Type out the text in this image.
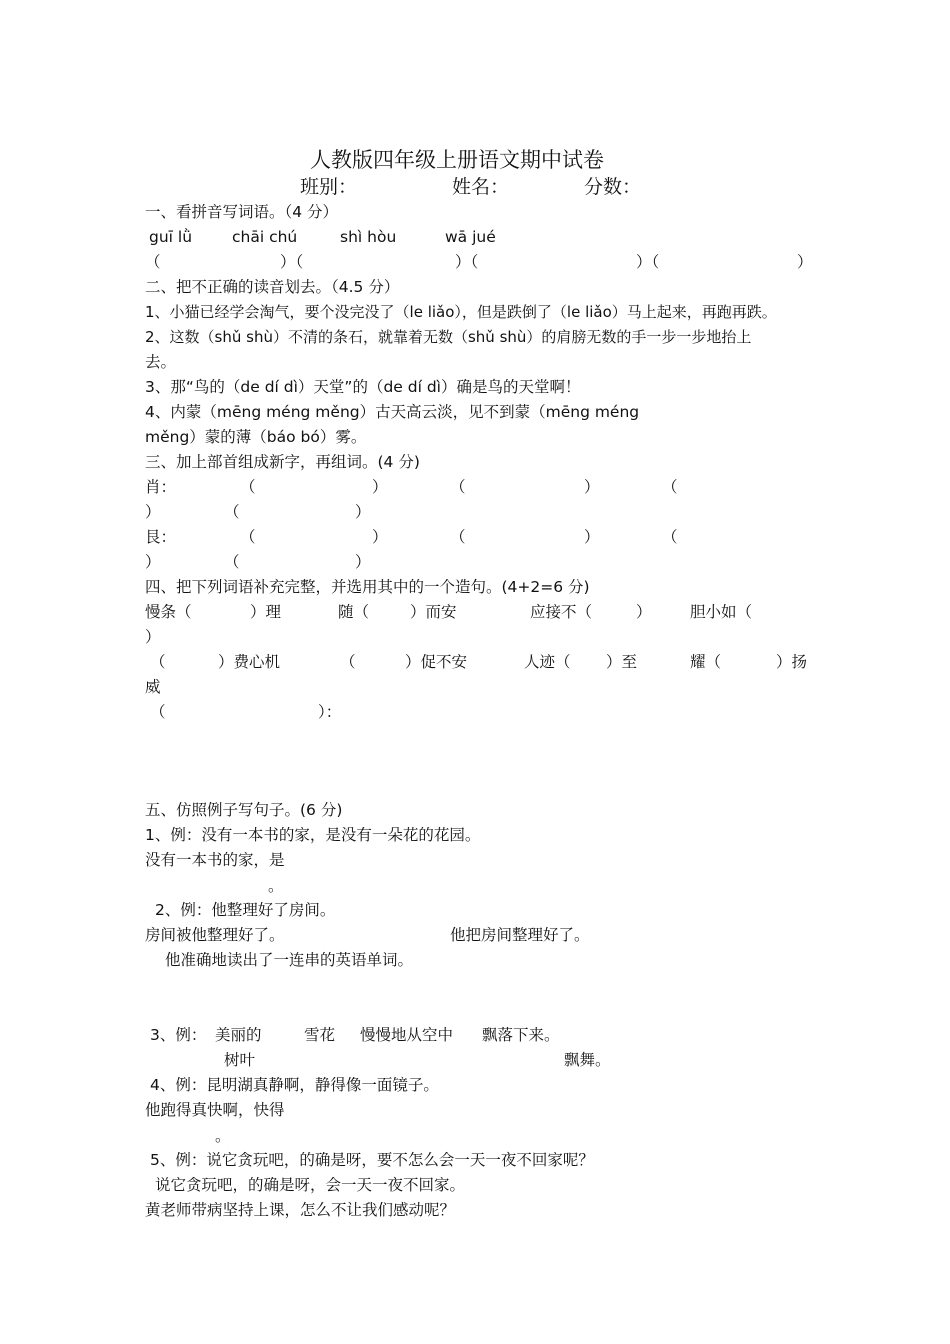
人教版四年级上册语文期中试卷
班别：	姓名：	分数：
一、看拼音写词语。（4 分）
guī lǜ	chāi chú	shì hòu	wā jué
（	）（	）（	）（	）
二、把不正确的读音划去。（4.5 分）
1、小猫已经学会淘气，要个没完没了（le liǎo），但是跌倒了（le liǎo）马上起来，再跑再跌。
2、这数（shǔ shù）不清的条石，就靠着无数（shǔ shù）的肩膀无数的手一步一步地抬上
去。
3、那“鸟的（de dí dì）天堂”的（de dí dì）确是鸟的天堂啊！
4、内蒙（mēng méng měng）古天高云淡，见不到蒙（mēng méng
měng）蒙的薄（báo bó）雾。
三、加上部首组成新字，再组词。(4 分)
肖：	（	）	（	）	（
）	（	）
艮：	（	）	（	）	（
）	（	）
四、把下列词语补充完整，并选用其中的一个造句。(4+2=6 分)
慢条（	）理	随（	）而安	应接不（	） 胆小如（
）
（	）费心机	（	）促不安	人迹（ ）至	耀（	）扬
威
（	）：
五、仿照例子写句子。(6 分)
1、例：没有一本书的家，是没有一朵花的花园。
没有一本书的家，是
。
2、例：他整理好了房间。
房间被他整理好了。	他把房间整理好了。
他准确地读出了一连串的英语单词。
3、例： 美丽的	雪花 慢慢地从空中 飘落下来。
树叶	飘舞。
4、例：昆明湖真静啊，静得像一面镜子。
他跑得真快啊，快得
。
5、例：说它贪玩吧，的确是呀，要不怎么会一天一夜不回家呢？
说它贪玩吧，的确是呀，会一天一夜不回家。
黄老师带病坚持上课，怎么不让我们感动呢？
